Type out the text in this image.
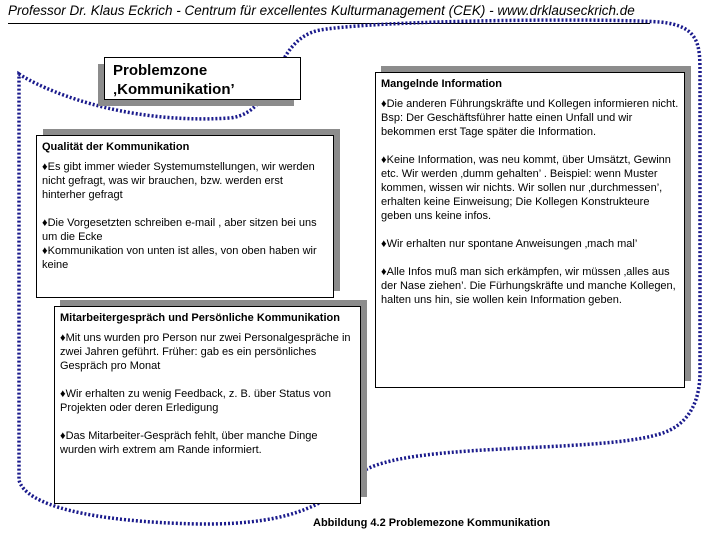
Professor Dr. Klaus Eckrich - Centrum für excellentes Kulturmanagement (CEK) - www.drklauseckrich.de
Problemzone
‚Kommunikation’
Qualität der Kommunikation

♦Es gibt immer wieder Systemumstellungen, wir werden nicht gefragt, was wir brauchen, bzw. werden erst hinterher gefragt

♦Die Vorgesetzten schreiben e-mail , aber sitzen bei uns um die Ecke

♦Kommunikation von unten ist alles, von oben haben wir keine

Mangelnde Information

♦Die anderen Führungskräfte und Kollegen informieren nicht. Bsp: Der Geschäftsführer hatte einen Unfall und wir bekommen erst Tage später die Information.

♦Keine Information, was neu kommt, über Umsätzt, Gewinn etc. Wir werden ‚dumm gehalten’ . Beispiel: wenn Muster kommen, wissen wir nichts. Wir sollen nur ‚durchmessen’, erhalten keine Einweisung; Die Kollegen Konstrukteure geben uns keine infos.

♦Wir erhalten nur spontane Anweisungen ‚mach mal’

♦Alle Infos muß man sich erkämpfen, wir müssen ‚alles aus der Nase ziehen’. Die Fürhungskräfte und manche Kollegen, halten uns hin, sie wollen kein Information geben.

Mitarbeitergespräch und Persönliche Kommunikation

♦Mit uns wurden pro Person nur zwei Personalgespräche in zwei Jahren geführt. Früher: gab es ein persönliches Gespräch pro Monat

♦Wir erhalten zu wenig Feedback, z. B. über Status von Projekten oder deren Erledigung

♦Das Mitarbeiter-Gespräch fehlt, über manche Dinge wurden wirh extrem am Rande informiert.

Abbildung 4.2 Problemezone Kommunikation
